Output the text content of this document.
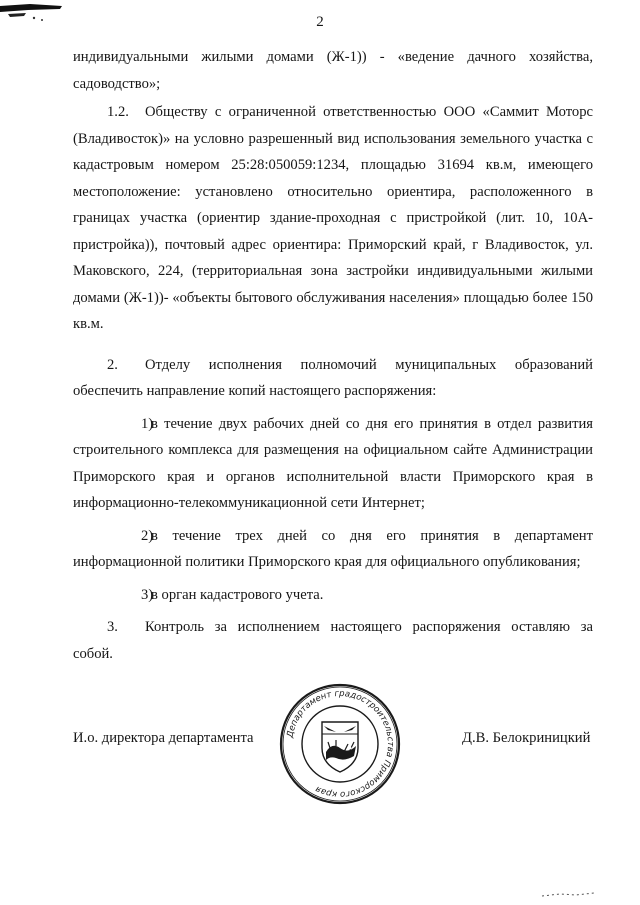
2

индивидуальными жилыми домами (Ж-1)) - «ведение дачного хозяйства, садоводство»;

1.2. Обществу с ограниченной ответственностью ООО «Саммит Моторс (Владивосток)» на условно разрешенный вид использования земельного участка с кадастровым номером 25:28:050059:1234, площадью 31694 кв.м, имеющего местоположение: установлено относительно ориентира, расположенного в границах участка (ориентир здание-проходная с пристройкой (лит. 10, 10А- пристройка)), почтовый адрес ориентира: Приморский край, г Владивосток, ул. Маковского, 224, (территориальная зона застройки индивидуальными жилыми домами (Ж-1))- «объекты бытового обслуживания населения» площадью более 150 кв.м.

2. Отделу исполнения полномочий муниципальных образований обеспечить направление копий настоящего распоряжения:

1)в течение двух рабочих дней со дня его принятия в отдел развития строительного комплекса для размещения на официальном сайте Администрации Приморского края и органов исполнительной власти Приморского края в информационно-телекоммуникационной сети Интернет;

2)в течение трех дней со дня его принятия в департамент информационной политики Приморского края для официального опубликования;

3)в орган кадастрового учета.

3. Контроль за исполнением настоящего распоряжения оставляю за собой.

И.о. директора департамента	Д.В. Белокриницкий
Департамент градостроительства Приморского края
